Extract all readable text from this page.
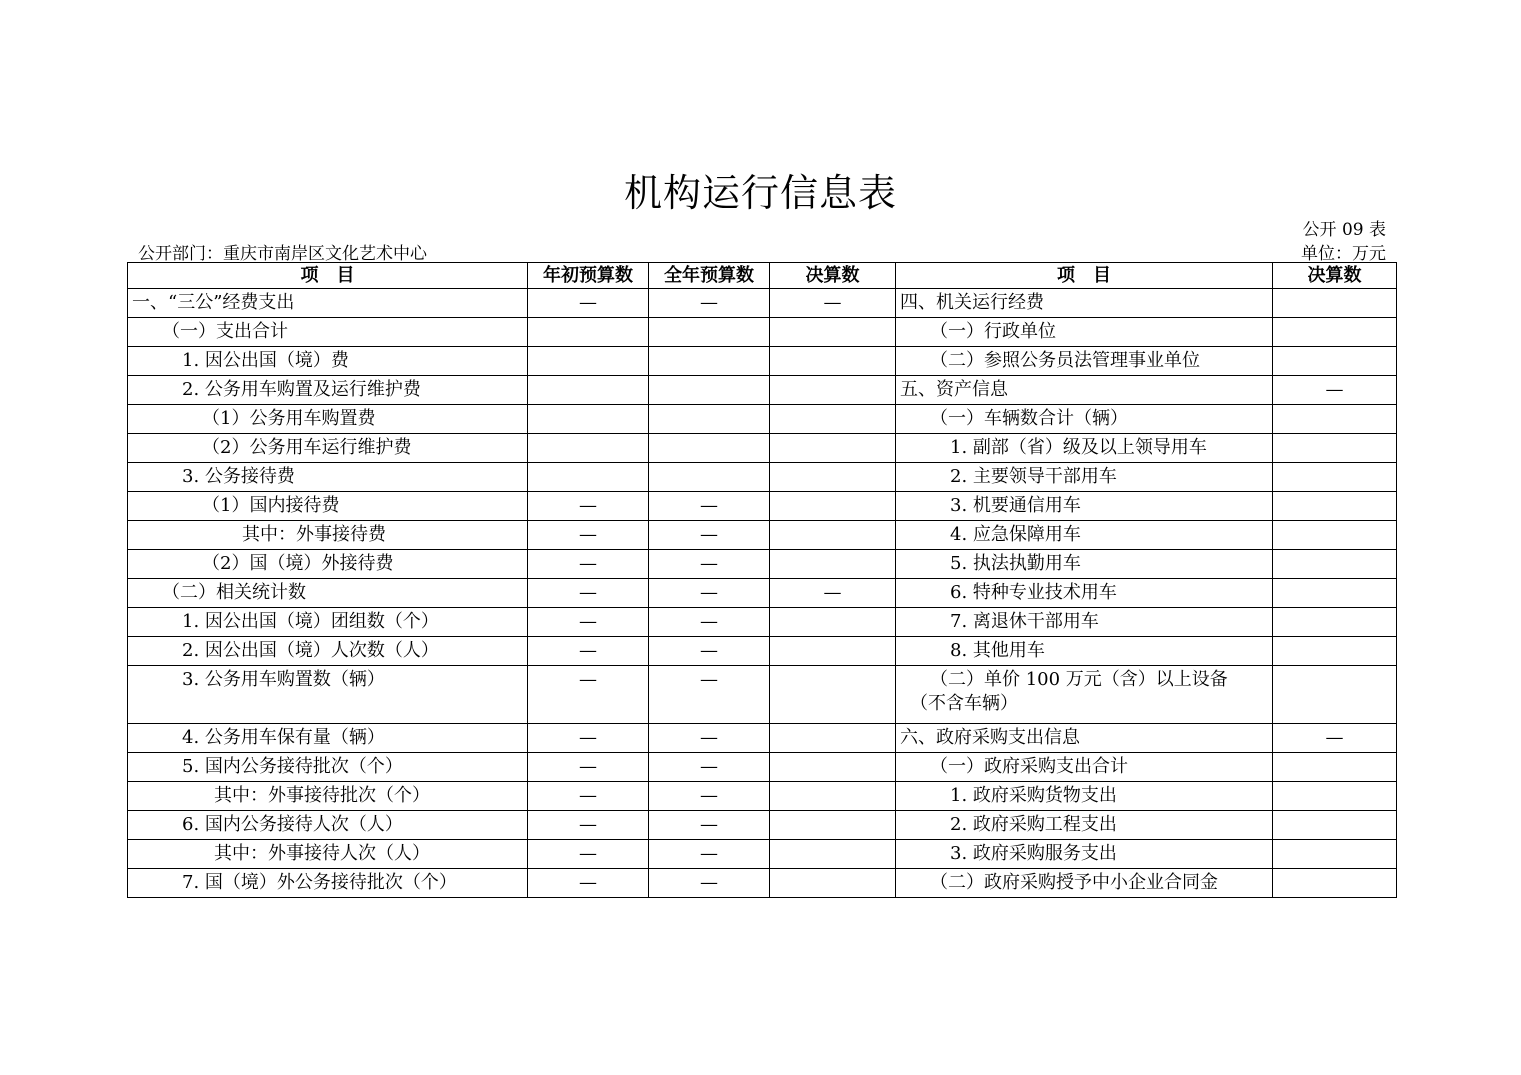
机构运行信息表
公开 09 表
公开部门：重庆市南岸区文化艺术中心	单位：万元
项　目	年初预算数	全年预算数	决算数	项　目	决算数
一、“三公”经费支出	—	—	—	四、机关运行经费	
（一）支出合计				（一）行政单位	
1. 因公出国（境）费				（二）参照公务员法管理事业单位	
2. 公务用车购置及运行维护费				五、资产信息	—
（1）公务用车购置费				（一）车辆数合计（辆）	
（2）公务用车运行维护费				1. 副部（省）级及以上领导用车	
3. 公务接待费				2. 主要领导干部用车	
（1）国内接待费	—	—		3. 机要通信用车	
其中：外事接待费	—	—		4. 应急保障用车	
（2）国（境）外接待费	—	—		5. 执法执勤用车	
（二）相关统计数	—	—	—	6. 特种专业技术用车	
1. 因公出国（境）团组数（个）	—	—		7. 离退休干部用车	
2. 因公出国（境）人次数（人）	—	—		8. 其他用车	
3. 公务用车购置数（辆）	—	—		（二）单价 100 万元（含）以上设备（不含车辆）	
4. 公务用车保有量（辆）	—	—		六、政府采购支出信息	—
5. 国内公务接待批次（个）	—	—		（一）政府采购支出合计	
其中：外事接待批次（个）	—	—		1. 政府采购货物支出	
6. 国内公务接待人次（人）	—	—		2. 政府采购工程支出	
其中：外事接待人次（人）	—	—		3. 政府采购服务支出	
7. 国（境）外公务接待批次（个）	—	—		（二）政府采购授予中小企业合同金	
